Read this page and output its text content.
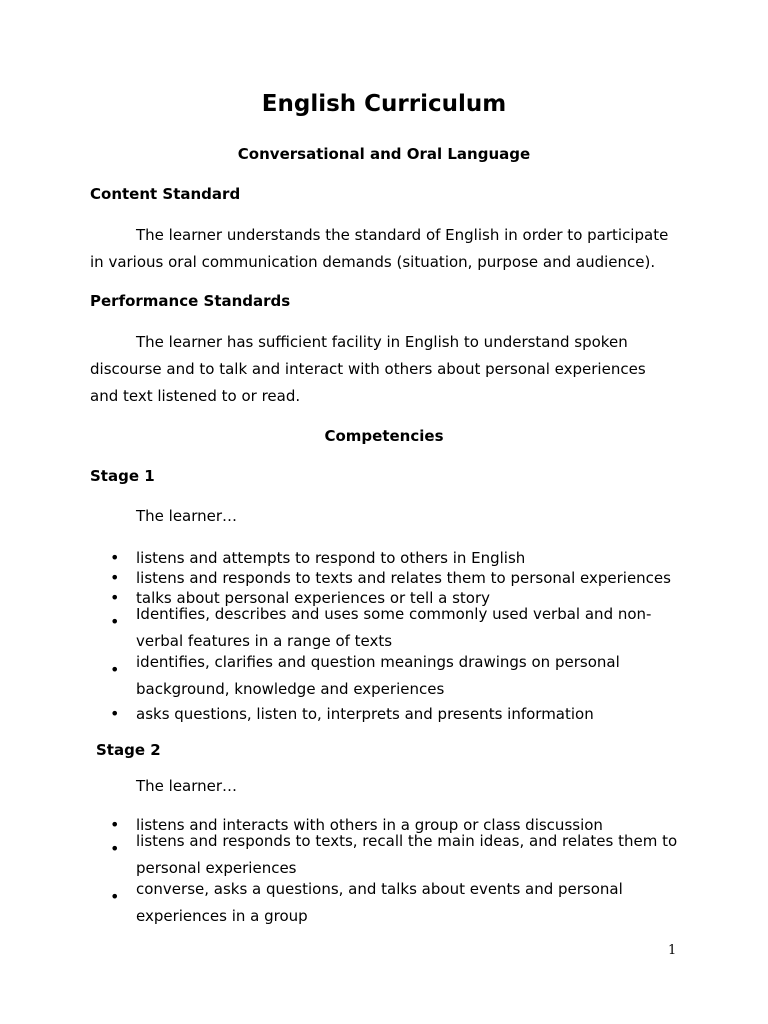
English Curriculum
Conversational and Oral Language
Content Standard
The learner understands the standard of English in order to participate
in various oral communication demands (situation, purpose and audience).
Performance Standards
The learner has sufficient facility in English to understand spoken
discourse and to talk and interact with others about personal experiences
and text listened to or read.
Competencies
Stage 1
The learner…
• listens and attempts to respond to others in English
• listens and responds to texts and relates them to personal experiences
• talks about personal experiences or tell a story
• Identifies, describes and uses some commonly used verbal and non-verbal features in a range of texts
• identifies, clarifies and question meanings drawings on personal background, knowledge and experiences
• asks questions, listen to, interprets and presents information
Stage 2
The learner…
• listens and interacts with others in a group or class discussion
• listens and responds to texts, recall the main ideas, and relates them to personal experiences
• converse, asks a questions, and talks about events and personal experiences in a group
1
